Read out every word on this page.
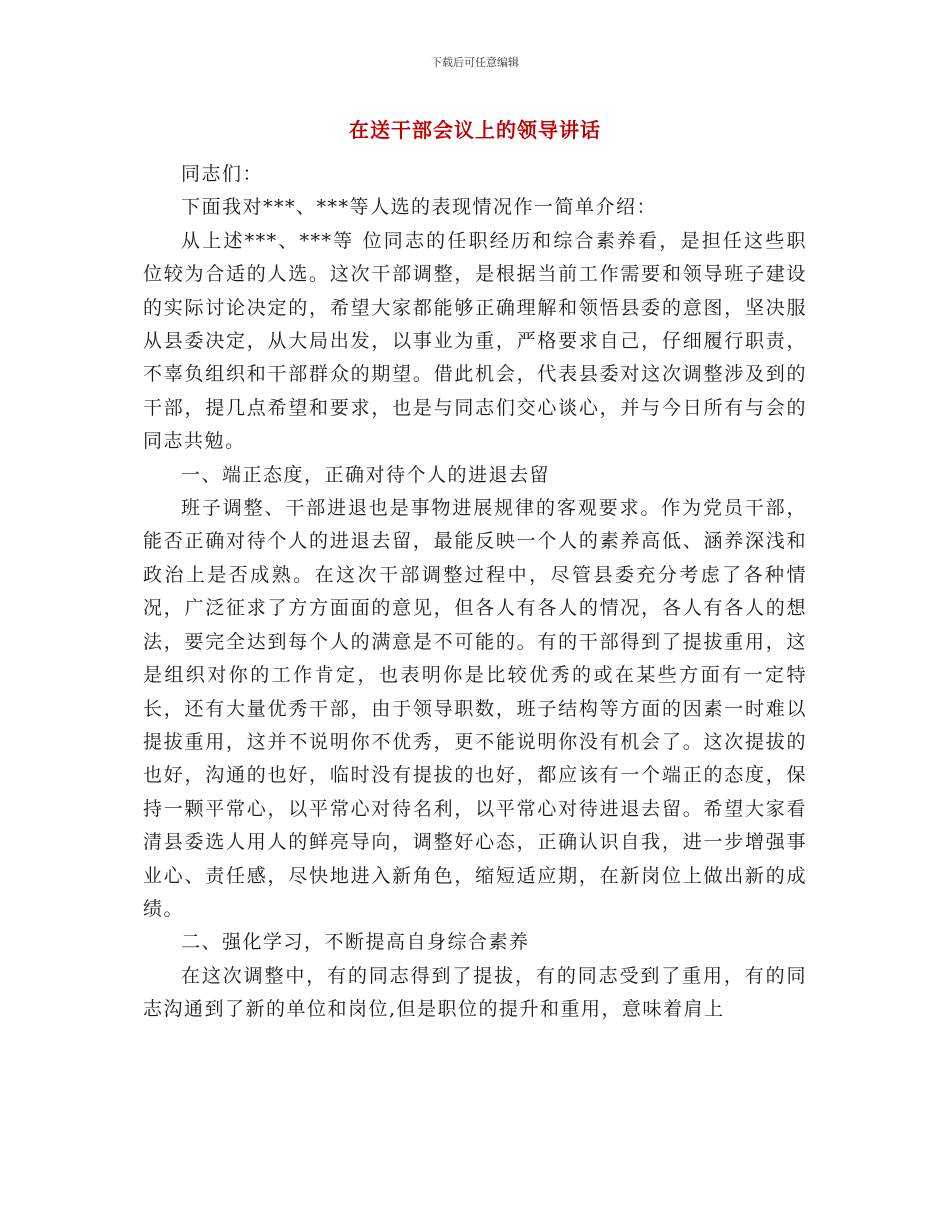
下载后可任意编辑
在送干部会议上的领导讲话

同志们：

下面我对***、***等人选的表现情况作一简单介绍：

从上述***、***等 位同志的任职经历和综合素养看，是担任这些职位较为合适的人选。这次干部调整，是根据当前工作需要和领导班子建设的实际讨论决定的，希望大家都能够正确理解和领悟县委的意图，坚决服从县委决定，从大局出发，以事业为重，严格要求自己，仔细履行职责，不辜负组织和干部群众的期望。借此机会，代表县委对这次调整涉及到的干部，提几点希望和要求，也是与同志们交心谈心，并与今日所有与会的同志共勉。

一、端正态度，正确对待个人的进退去留

班子调整、干部进退也是事物进展规律的客观要求。作为党员干部，能否正确对待个人的进退去留，最能反映一个人的素养高低、涵养深浅和政治上是否成熟。在这次干部调整过程中，尽管县委充分考虑了各种情况，广泛征求了方方面面的意见，但各人有各人的情况，各人有各人的想法，要完全达到每个人的满意是不可能的。有的干部得到了提拔重用，这是组织对你的工作肯定，也表明你是比较优秀的或在某些方面有一定特长，还有大量优秀干部，由于领导职数，班子结构等方面的因素一时难以提拔重用，这并不说明你不优秀，更不能说明你没有机会了。这次提拔的也好，沟通的也好，临时没有提拔的也好，都应该有一个端正的态度，保持一颗平常心，以平常心对待名利，以平常心对待进退去留。希望大家看清县委选人用人的鲜亮导向，调整好心态，正确认识自我，进一步增强事业心、责任感，尽快地进入新角色，缩短适应期，在新岗位上做出新的成绩。

二、强化学习，不断提高自身综合素养

在这次调整中，有的同志得到了提拔，有的同志受到了重用，有的同志沟通到了新的单位和岗位,但是职位的提升和重用，意味着肩上
